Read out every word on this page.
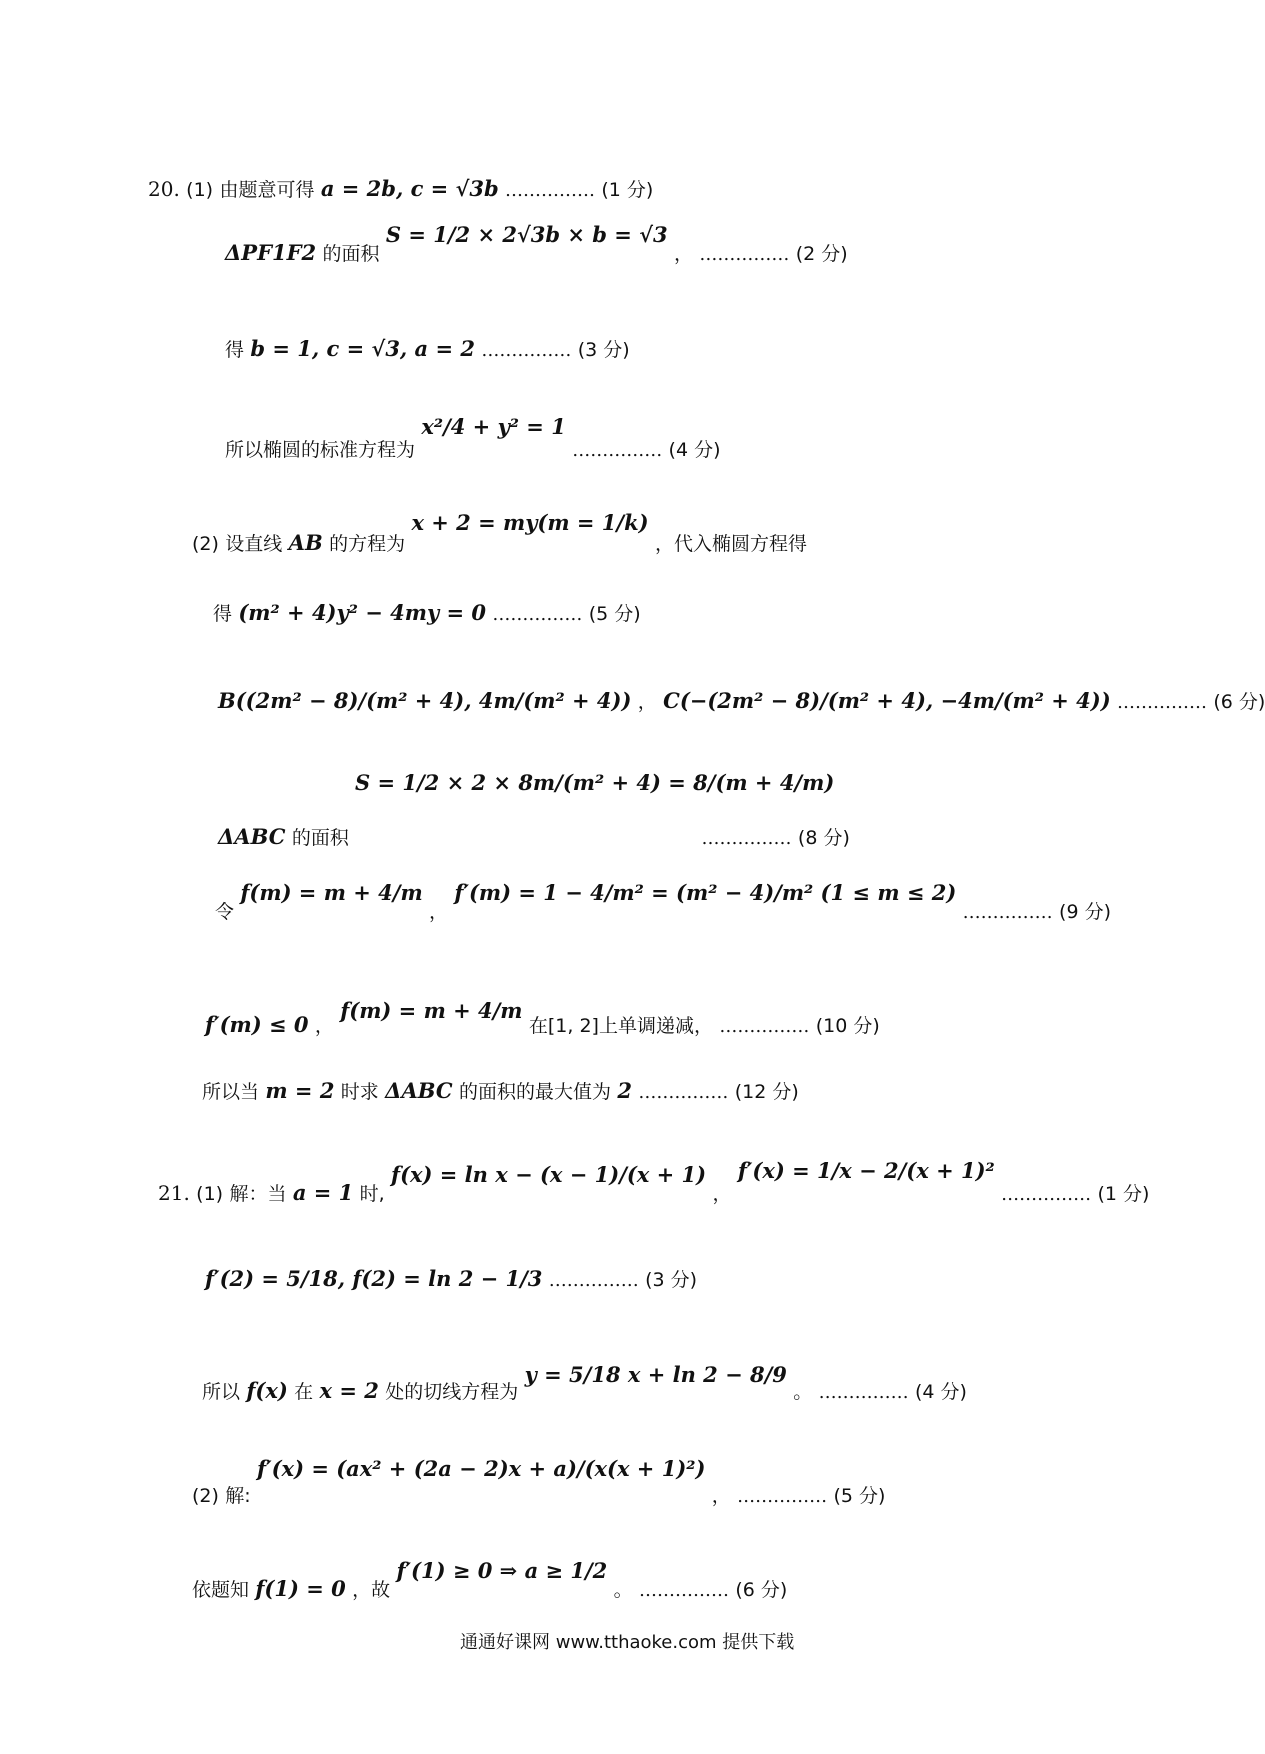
20. (1) 由题意可得 a = 2b, c = √3b …………… (1 分)
ΔPF1F2 的面积 S = 1/2 × 2√3b × b = √3 ， …………… (2 分)
得 b = 1, c = √3, a = 2 …………… (3 分)
所以椭圆的标准方程为 x²/4 + y² = 1 …………… (4 分)
(2) 设直线 AB 的方程为 x + 2 = my(m = 1/k) ，代入椭圆方程得
得 (m² + 4)y² − 4my = 0 …………… (5 分)
B((2m² − 8)/(m² + 4), 4m/(m² + 4)) ， C(−(2m² − 8)/(m² + 4), −4m/(m² + 4)) …………… (6 分)
S = 1/2 × 2 × 8m/(m² + 4) = 8/(m + 4/m)
ΔABC 的面积	…………… (8 分)
令 f(m) = m + 4/m ， f′(m) = 1 − 4/m² = (m² − 4)/m² (1 ≤ m ≤ 2) …………… (9 分)
f′(m) ≤ 0 ， f(m) = m + 4/m 在[1, 2]上单调递减， …………… (10 分)
所以当 m = 2 时求 ΔABC 的面积的最大值为 2 …………… (12 分)
21. (1) 解：当 a = 1 时, f(x) = ln x − (x − 1)/(x + 1) ， f′(x) = 1/x − 2/(x + 1)² …………… (1 分)
f′(2) = 5/18, f(2) = ln 2 − 1/3 …………… (3 分)
所以 f(x) 在 x = 2 处的切线方程为 y = 5/18 x + ln 2 − 8/9 。 …………… (4 分)
(2) 解: f′(x) = (ax² + (2a − 2)x + a)/(x(x + 1)²) ， …………… (5 分)
依题知 f(1) = 0 ，故 f′(1) ≥ 0 ⇒ a ≥ 1/2 。 …………… (6 分)
通通好课网 www.tthaoke.com 提供下载
